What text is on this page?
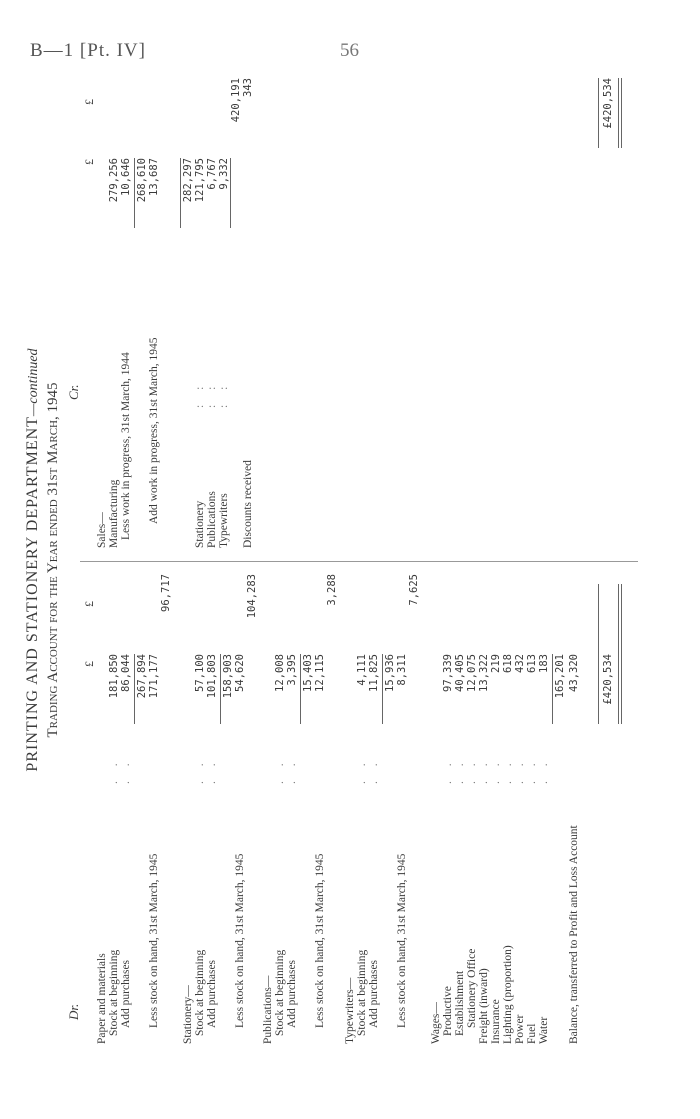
B—1 [Pt. IV]	56
PRINTING AND STATIONERY DEPARTMENT—continued
Trading Account for the Year ended 31st March, 1945
Dr.
Cr.
£
£
£
£
Paper and materials Stock at beginning
. .
181,850
Add purchases
. .
86,044 267,894
Less stock on hand, 31st March, 1945
171,177
96,717
Stationery— Stock at beginning
. .
57,100
Add purchases
. .
101,803 158,903
Less stock on hand, 31st March, 1945
54,620
104,283
Publications— Stock at beginning
. .
12,008
Add purchases
. .
3,395 15,403
Less stock on hand, 31st March, 1945
12,115
3,288
Typewriters— Stock at beginning
. .
4,111
Add purchases
. .
11,825 15,936
Less stock on hand, 31st March, 1945
8,311
7,625
Wages— Productive
. .
97,339
Establishment
. .
40,405
Stationery Office
. .
12,075
Freight (inward)
. .
13,322
Insurance
. .
219
Lighting (proportion)
. .
618
Power
. .
432
Fuel
. .
613
Water
. .
183 165,201
Balance, transferred to Profit and Loss Account
43,320 £420,534
Sales— Manufacturing
279,256
Less work in progress, 31st March, 1944
10,646 268,610
Add work in progress, 31st March, 1945
13,687 282,297
Stationery
: :
121,795
Publications
: :
6,767
Typewriters
: :
9,332
420,191
Discounts received
343	£420,534
